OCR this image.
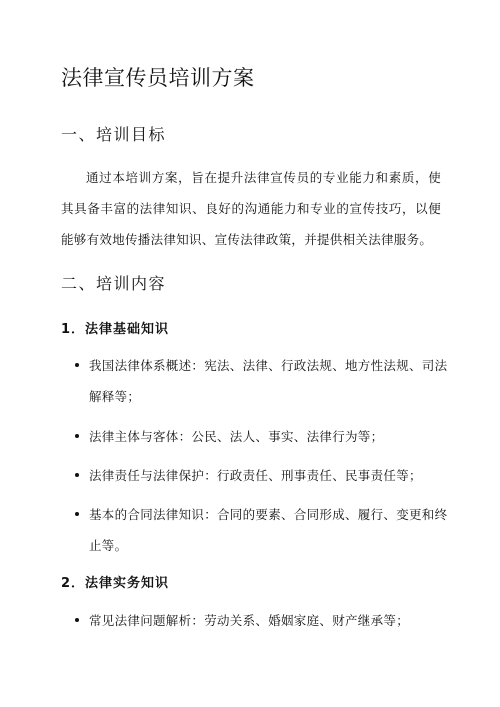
法律宣传员培训方案
一、培训目标
通过本培训方案，旨在提升法律宣传员的专业能力和素质，使其具备丰富的法律知识、良好的沟通能力和专业的宣传技巧，以便能够有效地传播法律知识、宣传法律政策，并提供相关法律服务。
二、培训内容
1．法律基础知识
我国法律体系概述：宪法、法律、行政法规、地方性法规、司法解释等；
法律主体与客体：公民、法人、事实、法律行为等；
法律责任与法律保护：行政责任、刑事责任、民事责任等；
基本的合同法律知识：合同的要素、合同形成、履行、变更和终止等。
2．法律实务知识
常见法律问题解析：劳动关系、婚姻家庭、财产继承等；
